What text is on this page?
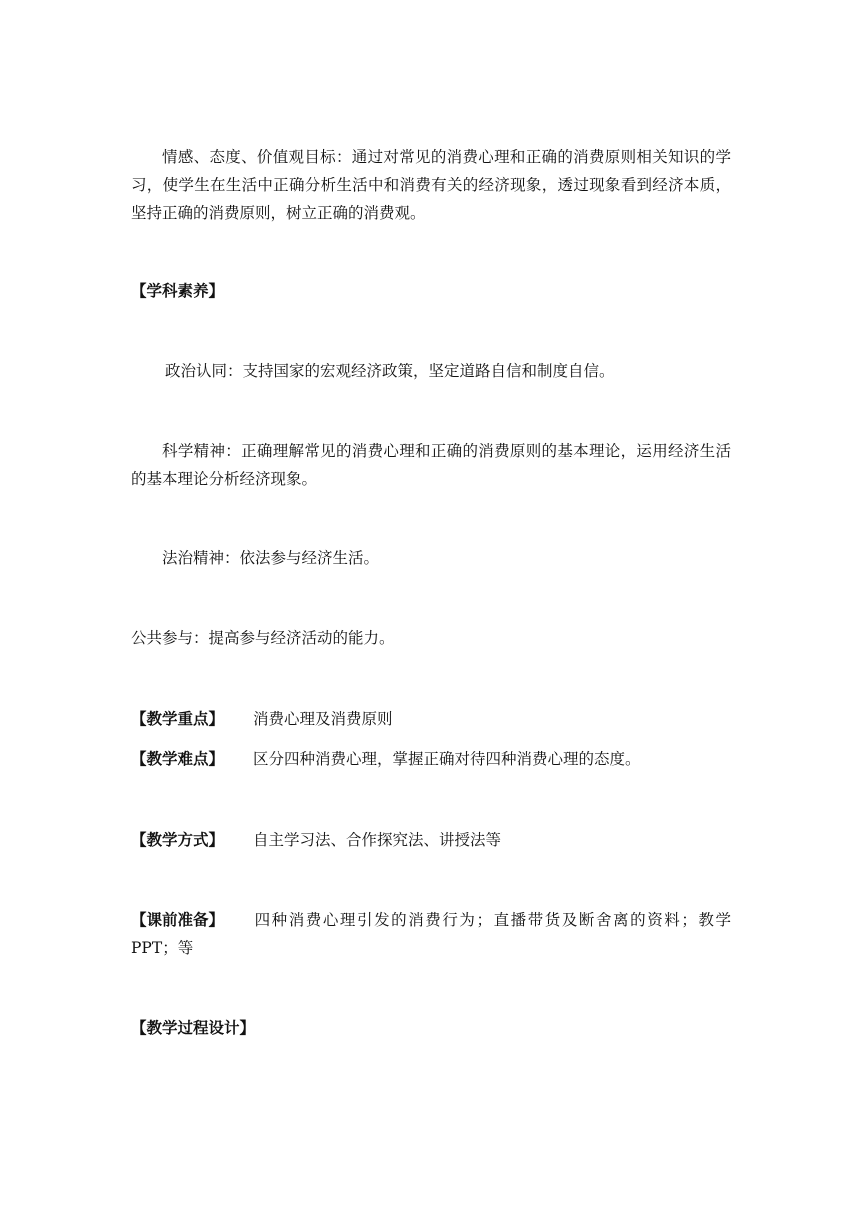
情感、态度、价值观目标：通过对常见的消费心理和正确的消费原则相关知识的学习，使学生在生活中正确分析生活中和消费有关的经济现象，透过现象看到经济本质，坚持正确的消费原则，树立正确的消费观。

【学科素养】

政治认同：支持国家的宏观经济政策，坚定道路自信和制度自信。

科学精神：正确理解常见的消费心理和正确的消费原则的基本理论，运用经济生活的基本理论分析经济现象。

法治精神：依法参与经济生活。

公共参与：提高参与经济活动的能力。

【教学重点】 消费心理及消费原则

【教学难点】 区分四种消费心理，掌握正确对待四种消费心理的态度。

【教学方式】 自主学习法、合作探究法、讲授法等

【课前准备】 四种消费心理引发的消费行为；直播带货及断舍离的资料；教学PPT；等

【教学过程设计】
